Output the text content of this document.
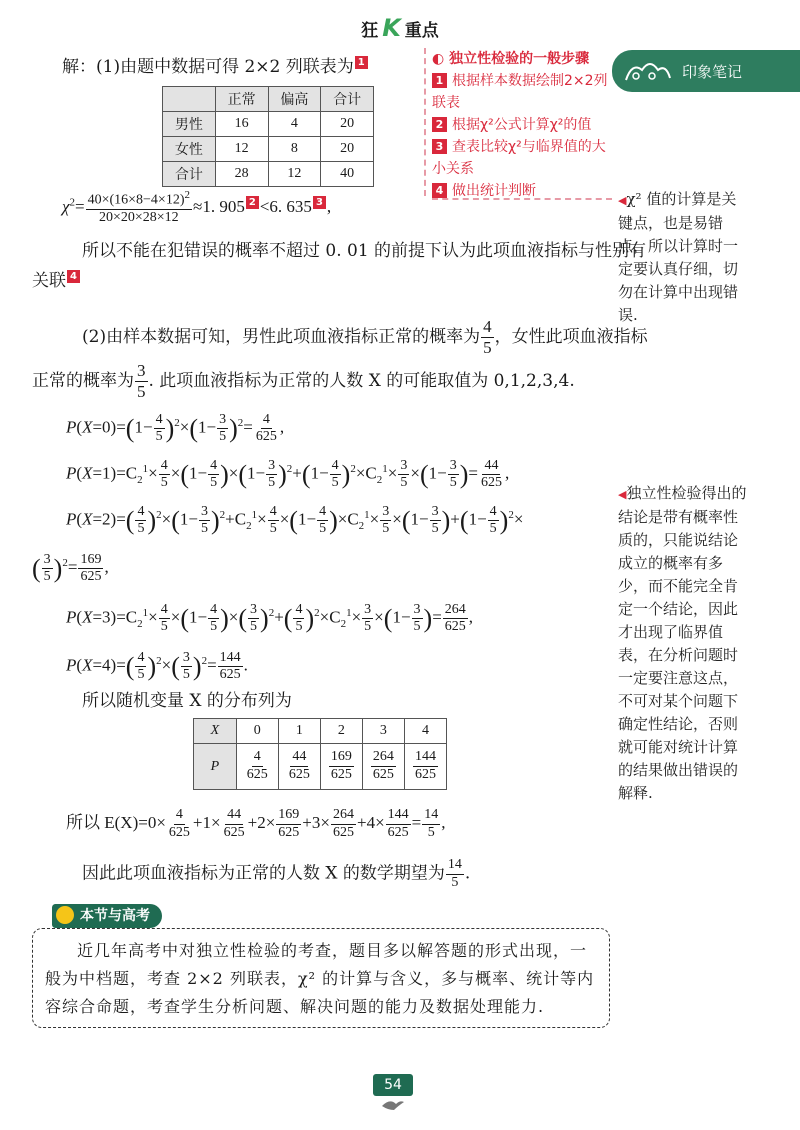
狂 K 重点
印象笔记
解：(1)由题中数据可得 2×2 列联表为 1
	正常	偏高	合计
男性	16	4	20
女性	12	8	20
合计	28	12	40
◐ 独立性检验的一般步骤
1 根据样本数据绘制2×2列联表
2 根据χ²公式计算χ²的值
3 查表比较χ²与临界值的大小关系
4 做出统计判断
$\chi^2= \frac{40\times(16\times 8-4\times 12)^2}{20\times 20\times 28\times 12} \approx 1$. 905 2 <6. 635 3 ,
所以不能在犯错误的概率不超过 0. 01 的前提下认为此项血液指标与性别有
关联 4
◀χ² 值的计算是关键点，也是易错点，所以计算时一定要认真仔细，切勿在计算中出现错误.
(2)由样本数据可知，男性此项血液指标正常的概率为 $\frac{4}{5}$ ，女性此项血液指标
正常的概率为 $\frac{3}{5}$ . 此项血液指标为正常的人数 X 的可能取值为 0,1,2,3,4.
$P(X=0)=(1- \frac{4}{5} )^2\times(1- \frac{3}{5} )^2= \frac{4}{625}$ ,
$P(X=1)=C_2^1\times \frac{4}{5} \times(1- \frac{4}{5} )\times(1- \frac{3}{5} )^2+(1- \frac{4}{5} )^2\times C_2^1\times \frac{3}{5} \times(1- \frac{3}{5}$ )= $\frac{44}{625}$ ,
$P(X=2)=( \frac{4}{5} )^2\times(1- \frac{3}{5} )^2+C_2^1\times \frac{4}{5} \times(1- \frac{4}{5} )\times C_2^1\times \frac{3}{5} \times(1- \frac{3}{5} )+(1- \frac{4}{5} )^2\times$
( $\frac{3}{5} )^2= \frac{169}{625}$ ,
$P(X=3)=C_2^1\times \frac{4}{5} \times(1- \frac{4}{5}$ )×( $\frac{3}{5} )^2+( \frac{4}{5} )^2\times C_2^1\times \frac{3}{5} \times(1- \frac{3}{5}$ )= $\frac{264}{625}$ ,
$P(X=4)=( \frac{4}{5} )^2\times( \frac{3}{5} )^2= \frac{144}{625}$ .
所以随机变量 X 的分布列为
X	0	1	2	3	4
P	$\frac{4}{625}$	$\frac{44}{625}$	$\frac{169}{625}$	$\frac{264}{625}$	$\frac{144}{625}$
所以 $E(X)=0\times \frac{4}{625} +1\times \frac{44}{625} +2\times \frac{169}{625} +3\times \frac{264}{625} +4\times \frac{144}{625} = \frac{14}{5}$ ,
因此此项血液指标为正常的人数 X 的数学期望为 $\frac{14}{5}$ .
◀独立性检验得出的结论是带有概率性质的，只能说结论成立的概率有多少，而不能完全肯定一个结论，因此才出现了临界值表，在分析问题时一定要注意这点，不可对某个问题下确定性结论，否则就可能对统计计算的结果做出错误的解释.
本节与高考
近几年高考中对独立性检验的考查，题目多以解答题的形式出现，一般为中档题，考查 2×2 列联表，χ² 的计算与含义，多与概率、统计等内容综合命题，考查学生分析问题、解决问题的能力及数据处理能力.
54
